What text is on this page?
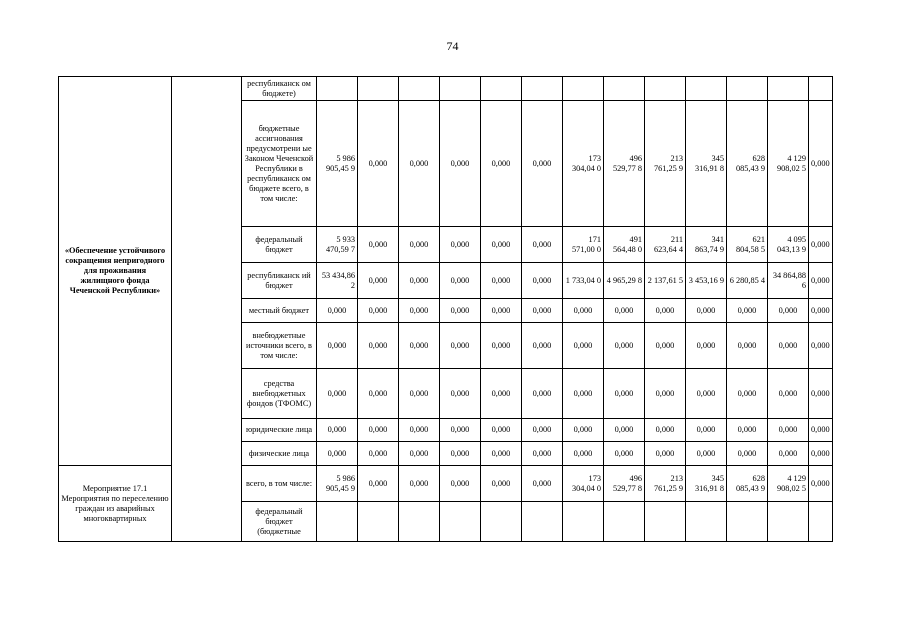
74
«Обеспечение устойчивого сокращения непригодного для проживания жилищного фонда Чеченской Республики»		республиканск ом бюджете)													
		бюджетные ассигнования предусмотрени ые Законом Чеченской Республики в республиканск ом бюджете всего, в том числе:	5 986 905,45 9	0,000	0,000	0,000	0,000	0,000	173 304,04 0	496 529,77 8	213 761,25 9	345 316,91 8	628 085,43 9	4 129 908,02 5	0,000
		федеральный бюджет	5 933 470,59 7	0,000	0,000	0,000	0,000	0,000	171 571,00 0	491 564,48 0	211 623,64 4	341 863,74 9	621 804,58 5	4 095 043,13 9	0,000
		республиканск ий бюджет	53 434,86 2	0,000	0,000	0,000	0,000	0,000	1 733,04 0	4 965,29 8	2 137,61 5	3 453,16 9	6 280,85 4	34 864,88 6	0,000
		местный бюджет	0,000	0,000	0,000	0,000	0,000	0,000	0,000	0,000	0,000	0,000	0,000	0,000	0,000
		внебюджетные источники всего, в том числе:	0,000	0,000	0,000	0,000	0,000	0,000	0,000	0,000	0,000	0,000	0,000	0,000	0,000
		средства внебюджетных фондов (ТФОМС)	0,000	0,000	0,000	0,000	0,000	0,000	0,000	0,000	0,000	0,000	0,000	0,000	0,000
		юридические лица	0,000	0,000	0,000	0,000	0,000	0,000	0,000	0,000	0,000	0,000	0,000	0,000	0,000
		физические лица	0,000	0,000	0,000	0,000	0,000	0,000	0,000	0,000	0,000	0,000	0,000	0,000	0,000
Мероприятие 17.1 Мероприятия по переселению граждан из аварийных многоквартирных		всего, в том числе:	5 986 905,45 9	0,000	0,000	0,000	0,000	0,000	173 304,04 0	496 529,77 8	213 761,25 9	345 316,91 8	628 085,43 9	4 129 908,02 5	0,000
		федеральный бюджет (бюджетные													
